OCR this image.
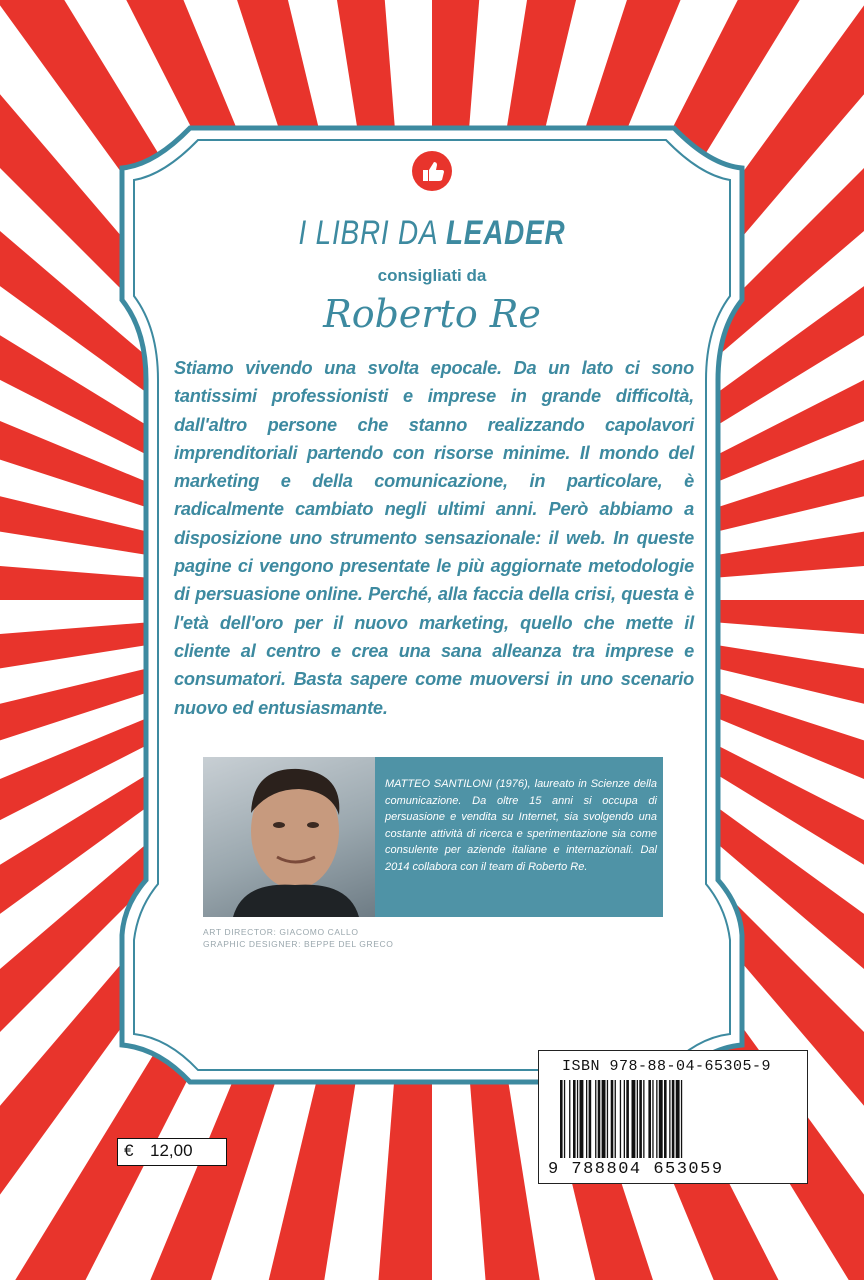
I LIBRI DA LEADER
consigliati da
Roberto Re
Stiamo vivendo una svolta epocale. Da un lato ci sono tantissimi professionisti e imprese in grande difficoltà, dall'altro persone che stanno realizzando capolavori imprenditoriali partendo con risorse minime. Il mondo del marketing e della comunicazione, in particolare, è radicalmente cambiato negli ultimi anni. Però abbiamo a disposizione uno strumento sensazionale: il web. In queste pagine ci vengono presentate le più aggiornate metodologie di persuasione online. Perché, alla faccia della crisi, questa è l'età dell'oro per il nuovo marketing, quello che mette il cliente al centro e crea una sana alleanza tra imprese e consumatori. Basta sapere come muoversi in uno scenario nuovo ed entusiasmante.
MATTEO SANTILONI (1976), laureato in Scienze della comunicazione. Da oltre 15 anni si occupa di persuasione e vendita su Internet, sia svolgendo una costante attività di ricerca e sperimentazione sia come consulente per aziende italiane e internazionali. Dal 2014 collabora con il team di Roberto Re.
ART DIRECTOR: GIACOMO CALLO
GRAPHIC DESIGNER: BEPPE DEL GRECO
ISBN 978-88-04-65305-9
9 788804 653059
€ 12,00
